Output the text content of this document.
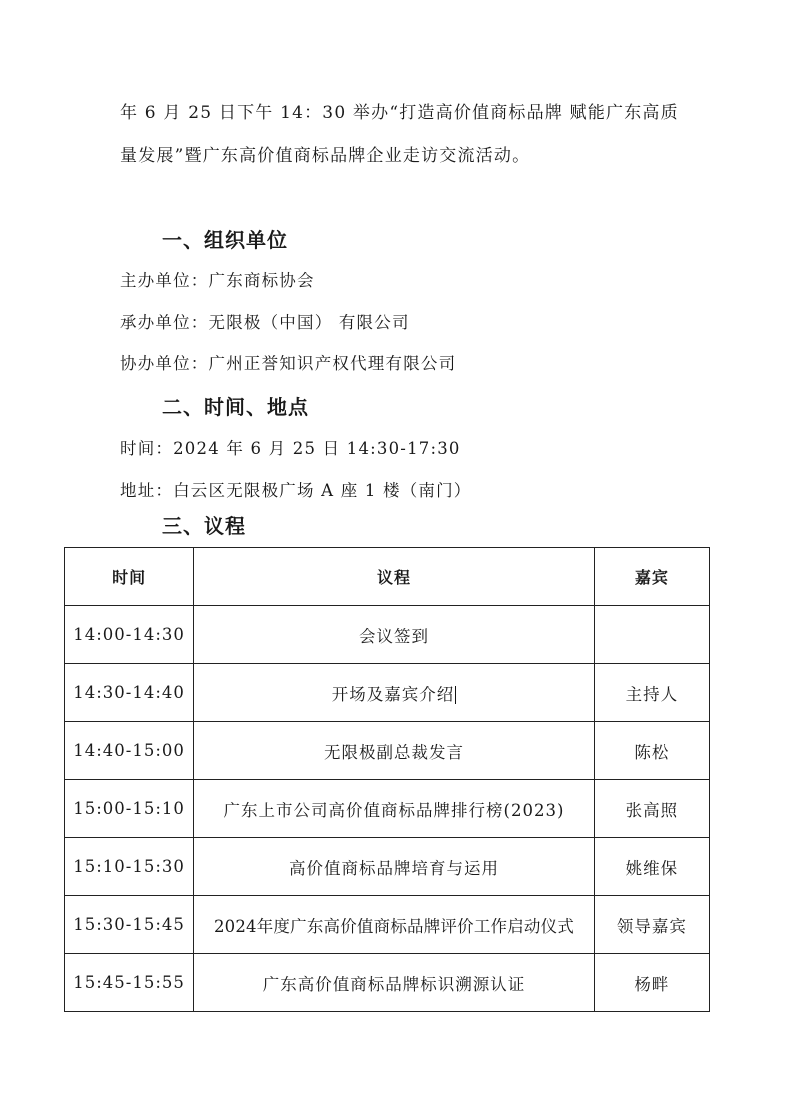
年 6 月 25 日下午 14：30 举办“打造高价值商标品牌 赋能广东高质
量发展”暨广东高价值商标品牌企业走访交流活动。
一、组织单位
主办单位：广东商标协会
承办单位：无限极（中国） 有限公司
协办单位：广州正誉知识产权代理有限公司
二、时间、地点
时间：2024 年 6 月 25 日 14:30-17:30
地址：白云区无限极广场 A 座 1 楼（南门）
三、议程
时间	议程	嘉宾
14:00-14:30	会议签到	
14:30-14:40	开场及嘉宾介绍	主持人
14:40-15:00	无限极副总裁发言	陈松
15:00-15:10	广东上市公司高价值商标品牌排行榜(2023)	张高照
15:10-15:30	高价值商标品牌培育与运用	姚维保
15:30-15:45	2024年度广东高价值商标品牌评价工作启动仪式	领导嘉宾
15:45-15:55	广东高价值商标品牌标识溯源认证	杨畔
